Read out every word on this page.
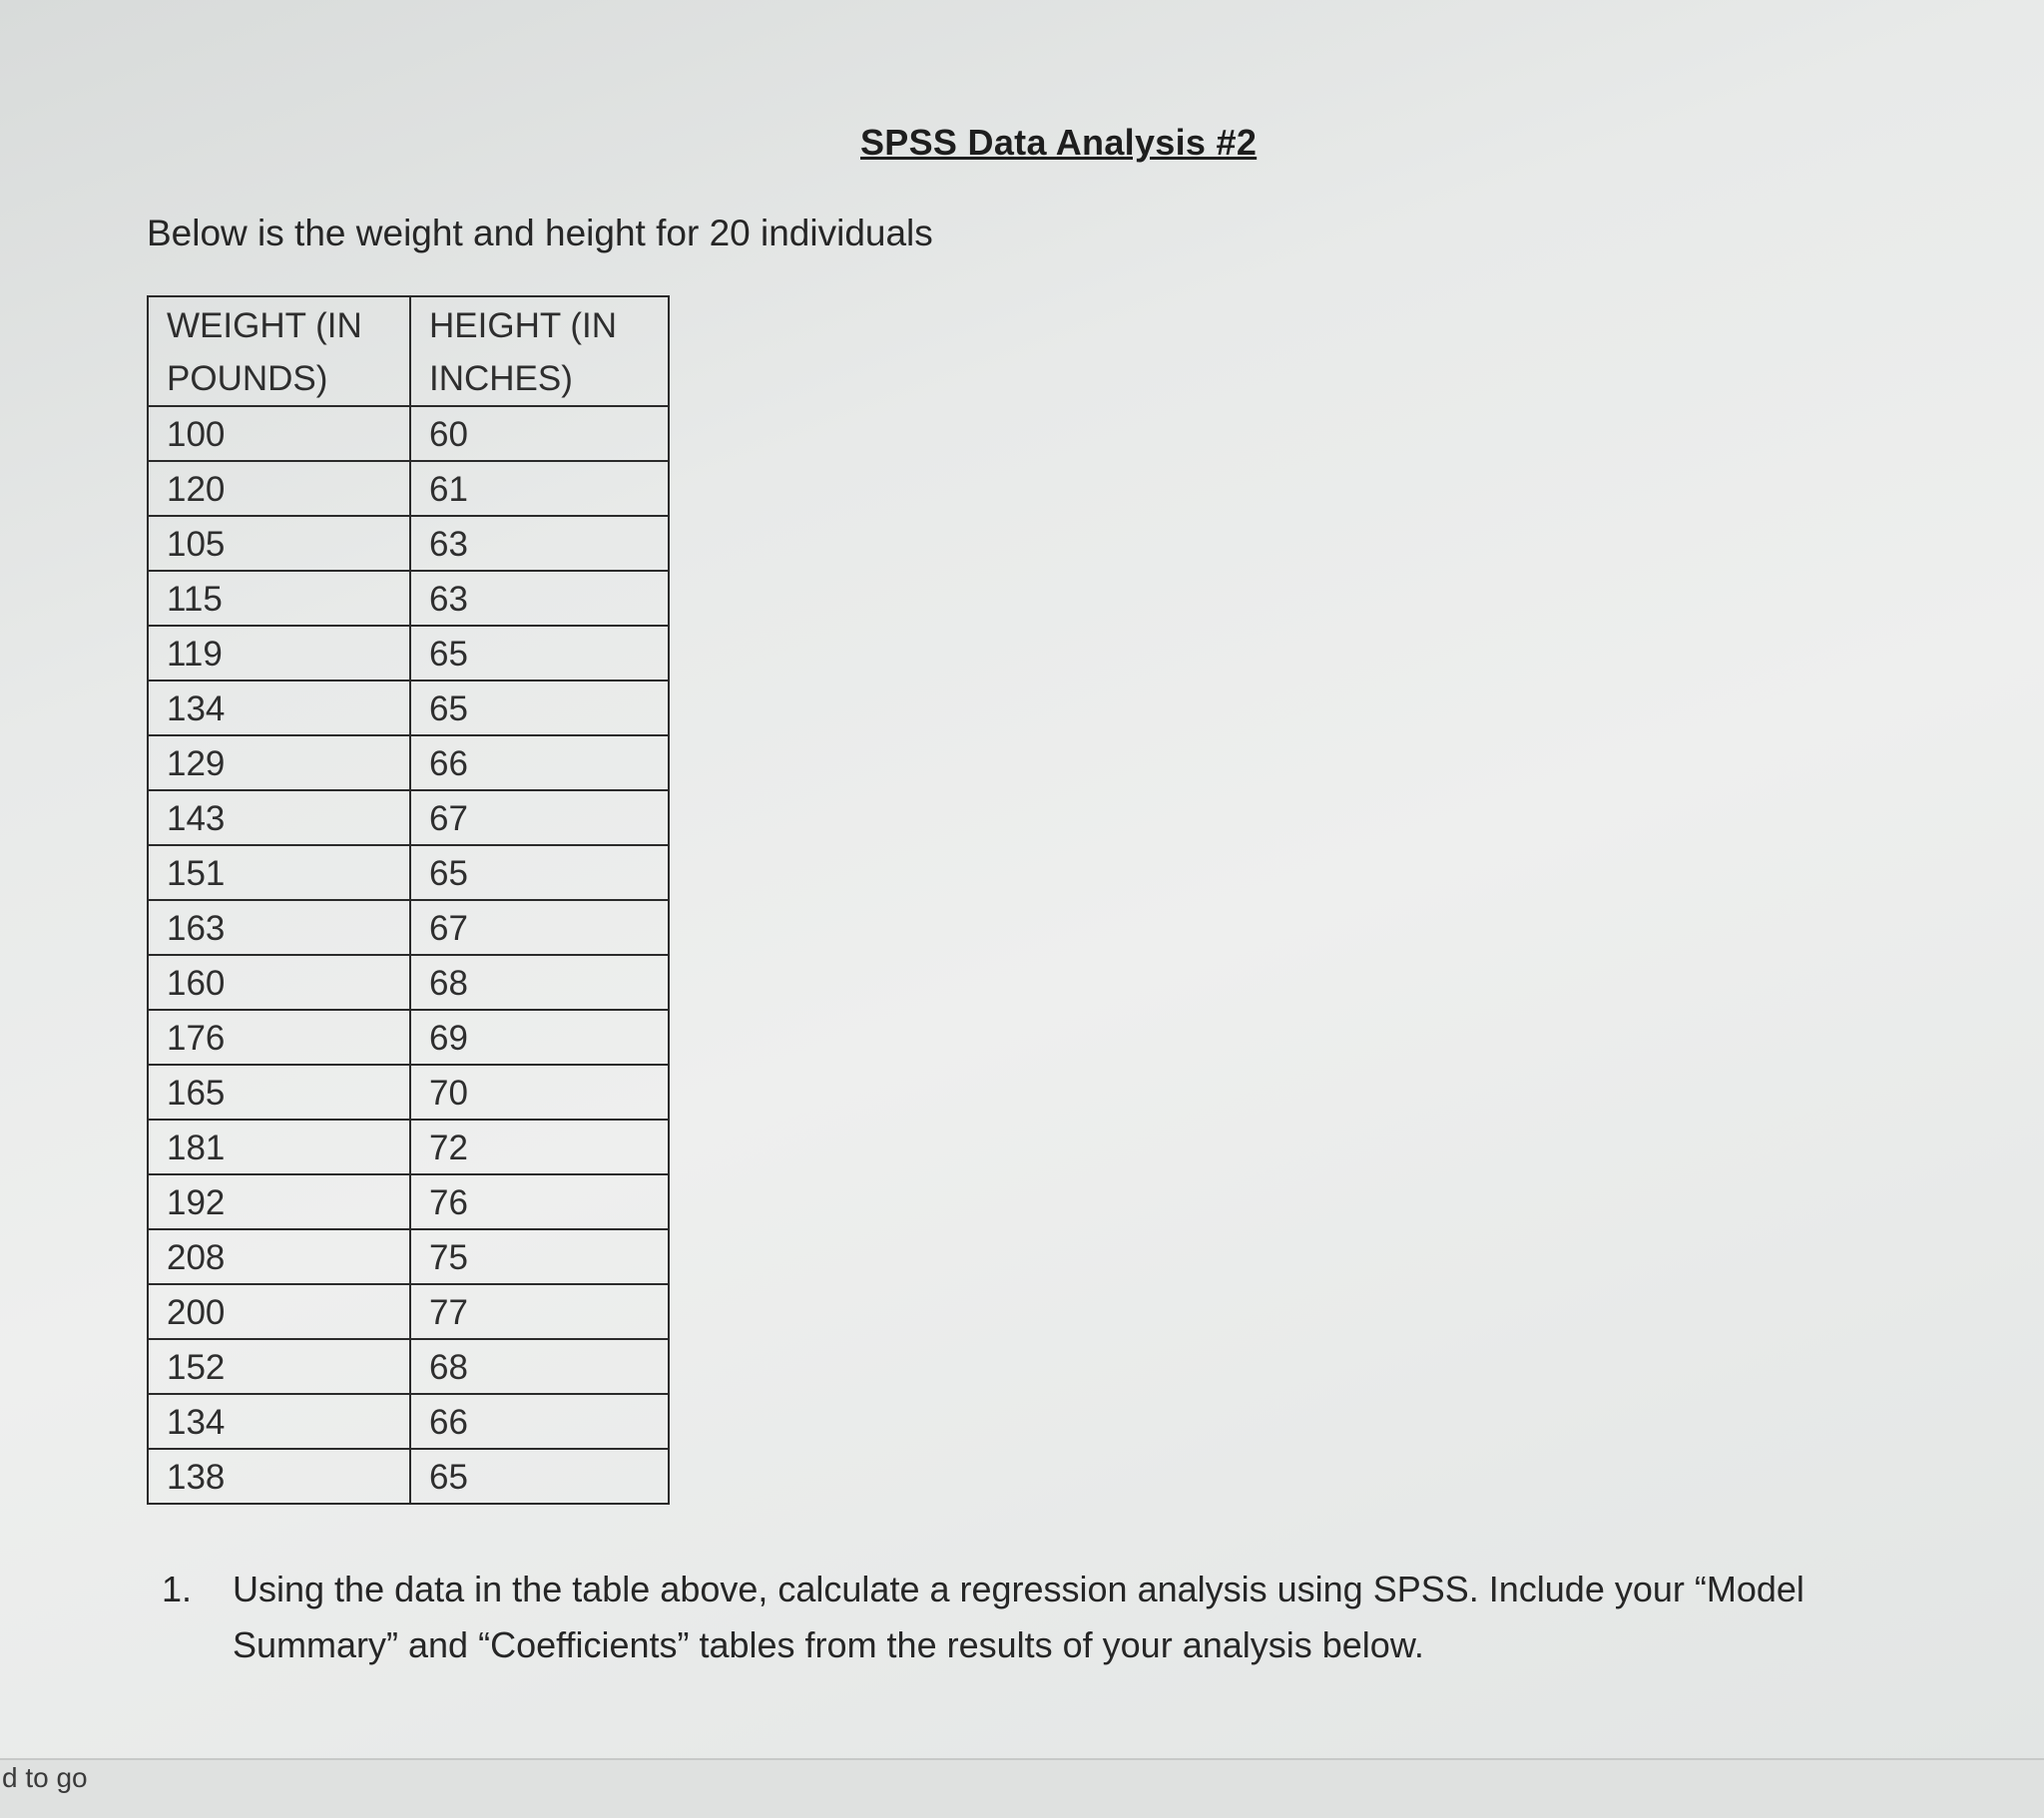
SPSS Data Analysis #2
Below is the weight and height for 20 individuals
WEIGHT (IN POUNDS)	HEIGHT (IN INCHES)
100	60
120	61
105	63
115	63
119	65
134	65
129	66
143	67
151	65
163	67
160	68
176	69
165	70
181	72
192	76
208	75
200	77
152	68
134	66
138	65
1.	Using the data in the table above, calculate a regression analysis using SPSS. Include your “Model Summary” and “Coefficients” tables from the results of your analysis below.
d to go
